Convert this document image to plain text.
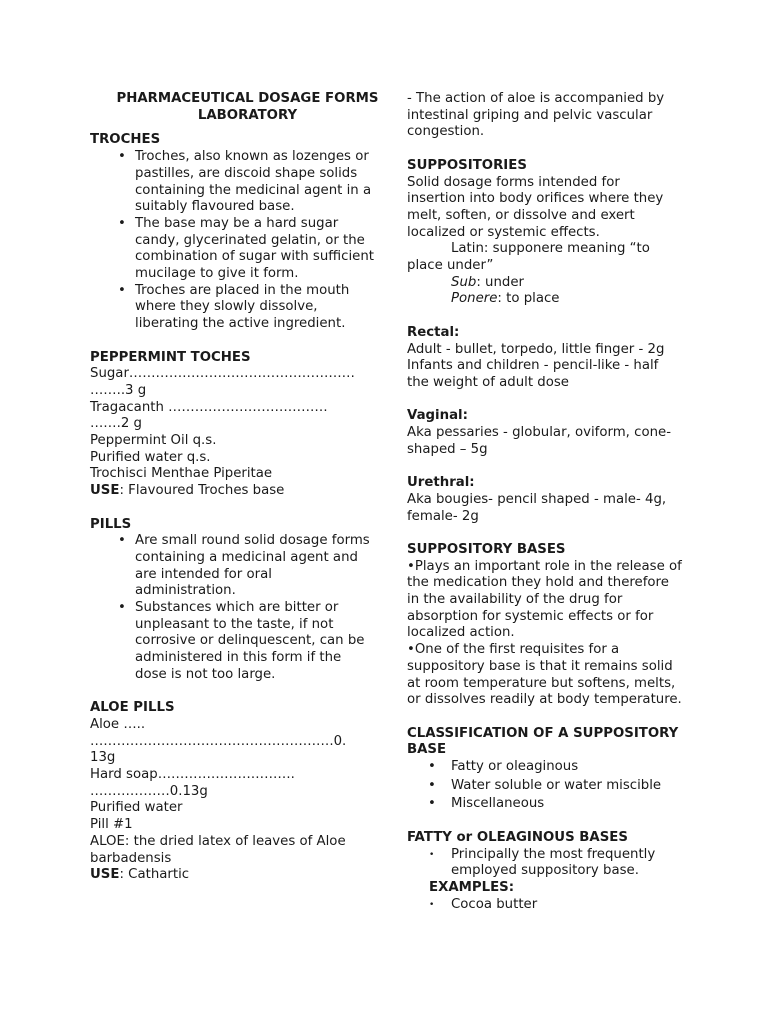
PHARMACEUTICAL DOSAGE FORMS LABORATORY

TROCHES

• Troches, also known as lozenges or pastilles, are discoid shape solids containing the medicinal agent in a suitably flavoured base.
• The base may be a hard sugar candy, glycerinated gelatin, or the combination of sugar with sufficient mucilage to give it form.
• Troches are placed in the mouth where they slowly dissolve, liberating the active ingredient.

PEPPERMINT TOCHES

Sugar……………………………………………

……..3 g

Tragacanth ………………………………

…….2 g

Peppermint Oil q.s.

Purified water q.s.

Trochisci Menthae Piperitae

USE: Flavoured Troches base

PILLS

• Are small round solid dosage forms containing a medicinal agent and are intended for oral administration.
• Substances which are bitter or unpleasant to the taste, if not corrosive or delinquescent, can be administered in this form if the dose is not too large.

ALOE PILLS

Aloe …..

……………………………………………….0.

13g

Hard soap………………………….

………………0.13g

Purified water

Pill #1

ALOE: the dried latex of leaves of Aloe barbadensis

USE: Cathartic

- The action of aloe is accompanied by intestinal griping and pelvic vascular congestion.

SUPPOSITORIES

Solid dosage forms intended for insertion into body orifices where they melt, soften, or dissolve and exert localized or systemic effects.

Latin: supponere meaning “to place under”

Sub: under

Ponere: to place

Rectal:

Adult - bullet, torpedo, little finger - 2g

Infants and children - pencil-like - half the weight of adult dose

Vaginal:

Aka pessaries - globular, oviform, cone-shaped – 5g

Urethral:

Aka bougies- pencil shaped - male- 4g, female- 2g

SUPPOSITORY BASES

•Plays an important role in the release of the medication they hold and therefore in the availability of the drug for absorption for systemic effects or for localized action.

•One of the first requisites for a suppository base is that it remains solid at room temperature but softens, melts, or dissolves readily at body temperature.

CLASSIFICATION OF A SUPPOSITORY BASE

• Fatty or oleaginous
• Water soluble or water miscible
• Miscellaneous

FATTY or OLEAGINOUS BASES

• Principally the most frequently employed suppository base.

EXAMPLES:

• Cocoa butter
